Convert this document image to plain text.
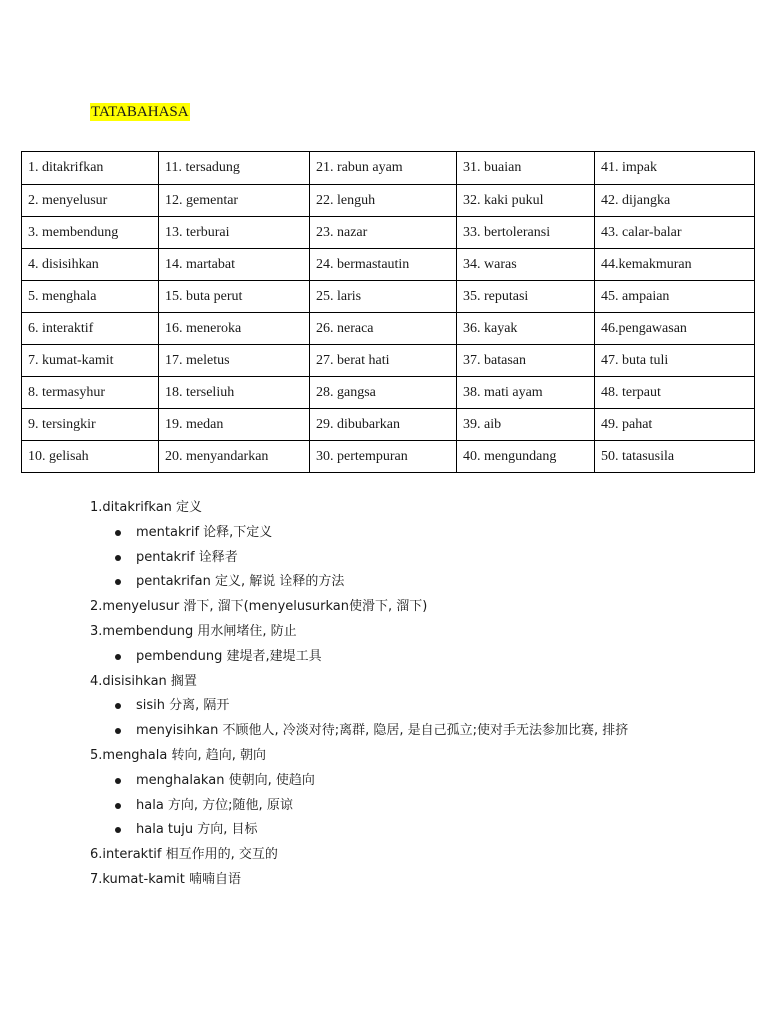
TATABAHASA
1. ditakrifkan	11. tersadung	21. rabun ayam	31. buaian	41. impak
2. menyelusur	12. gementar	22. lenguh	32. kaki pukul	42. dijangka
3. membendung	13. terburai	23. nazar	33. bertoleransi	43. calar-balar
4. disisihkan	14. martabat	24. bermastautin	34. waras	44.kemakmuran
5. menghala	15. buta perut	25. laris	35. reputasi	45. ampaian
6. interaktif	16. meneroka	26. neraca	36. kayak	46.pengawasan
7. kumat-kamit	17. meletus	27. berat hati	37. batasan	47. buta tuli
8. termasyhur	18. terseliuh	28. gangsa	38. mati ayam	48. terpaut
9. tersingkir	19. medan	29. dibubarkan	39. aib	49. pahat
10. gelisah	20. menyandarkan	30. pertempuran	40. mengundang	50. tatasusila
1.ditakrifkan 定义
mentakrif 论释,下定义
pentakrif 诠释者
pentakrifan 定义, 解说 诠释的方法
2.menyelusur 滑下, 溜下(menyelusurkan使滑下, 溜下)
3.membendung 用水闸堵住, 防止
pembendung 建堤者,建堤工具
4.disisihkan 搁置
sisih 分离, 隔开
menyisihkan 不顾他人, 冷淡对待;离群, 隐居, 是自己孤立;使对手无法参加比赛, 排挤
5.menghala 转向, 趋向, 朝向
menghalakan 使朝向, 使趋向
hala 方向, 方位;随他, 原谅
hala tuju 方向, 目标
6.interaktif 相互作用的, 交互的
7.kumat-kamit 喃喃自语
